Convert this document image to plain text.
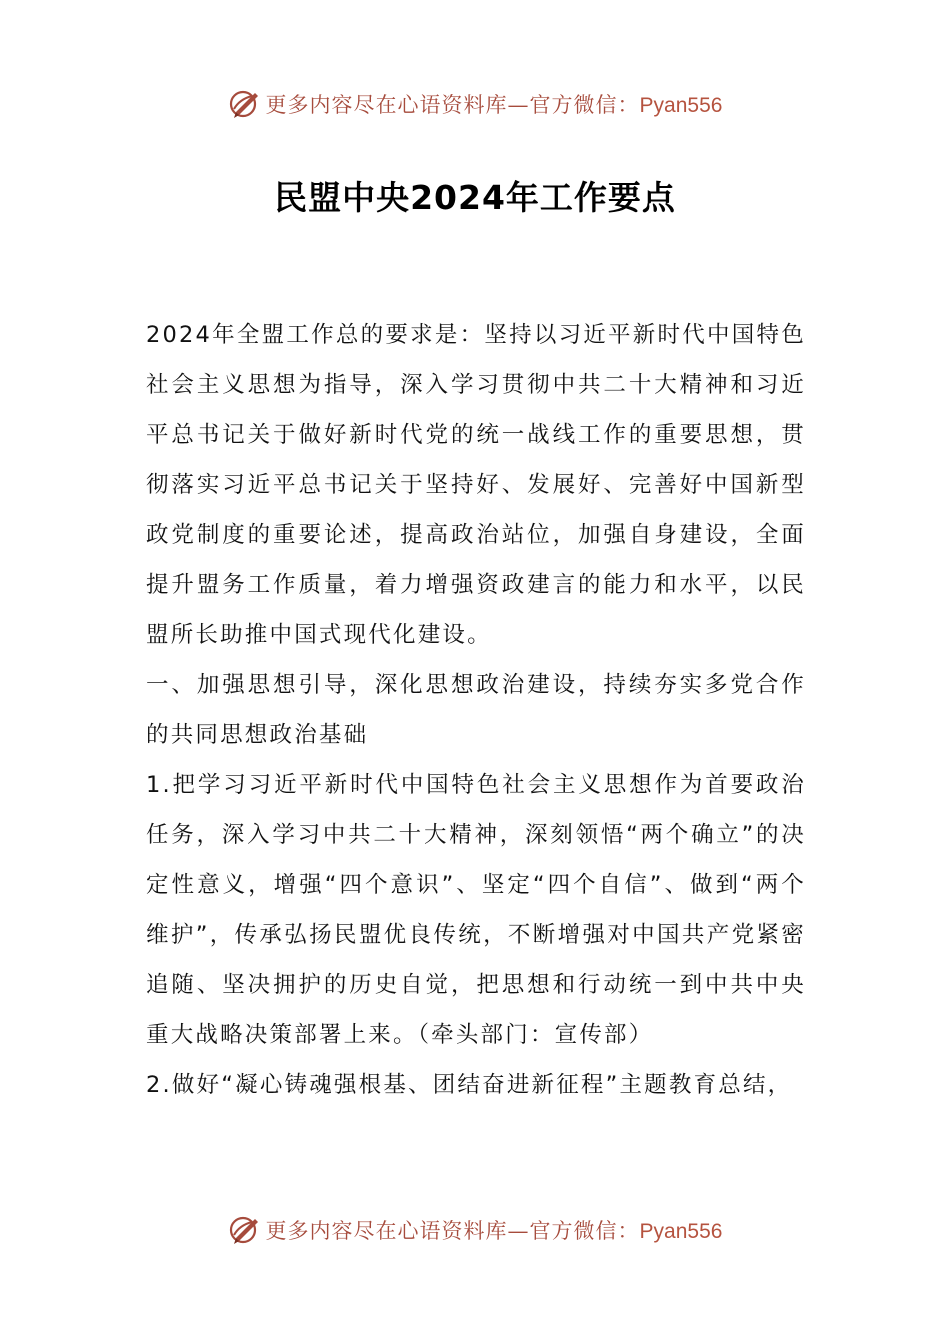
更多内容尽在心语资料库—官方微信：Pyan556
民盟中央2024年工作要点

2024年全盟工作总的要求是：坚持以习近平新时代中国特色社会主义思想为指导，深入学习贯彻中共二十大精神和习近平总书记关于做好新时代党的统一战线工作的重要思想，贯彻落实习近平总书记关于坚持好、发展好、完善好中国新型政党制度的重要论述，提高政治站位，加强自身建设，全面提升盟务工作质量，着力增强资政建言的能力和水平，以民盟所长助推中国式现代化建设。

一、加强思想引导，深化思想政治建设，持续夯实多党合作的共同思想政治基础

1.把学习习近平新时代中国特色社会主义思想作为首要政治任务，深入学习中共二十大精神，深刻领悟“两个确立”的决定性意义，增强“四个意识”、坚定“四个自信”、做到“两个维护”，传承弘扬民盟优良传统，不断增强对中国共产党紧密追随、坚决拥护的历史自觉，把思想和行动统一到中共中央重大战略决策部署上来。（牵头部门：宣传部）

2.做好“凝心铸魂强根基、团结奋进新征程”主题教育总结，

更多内容尽在心语资料库—官方微信：Pyan556
